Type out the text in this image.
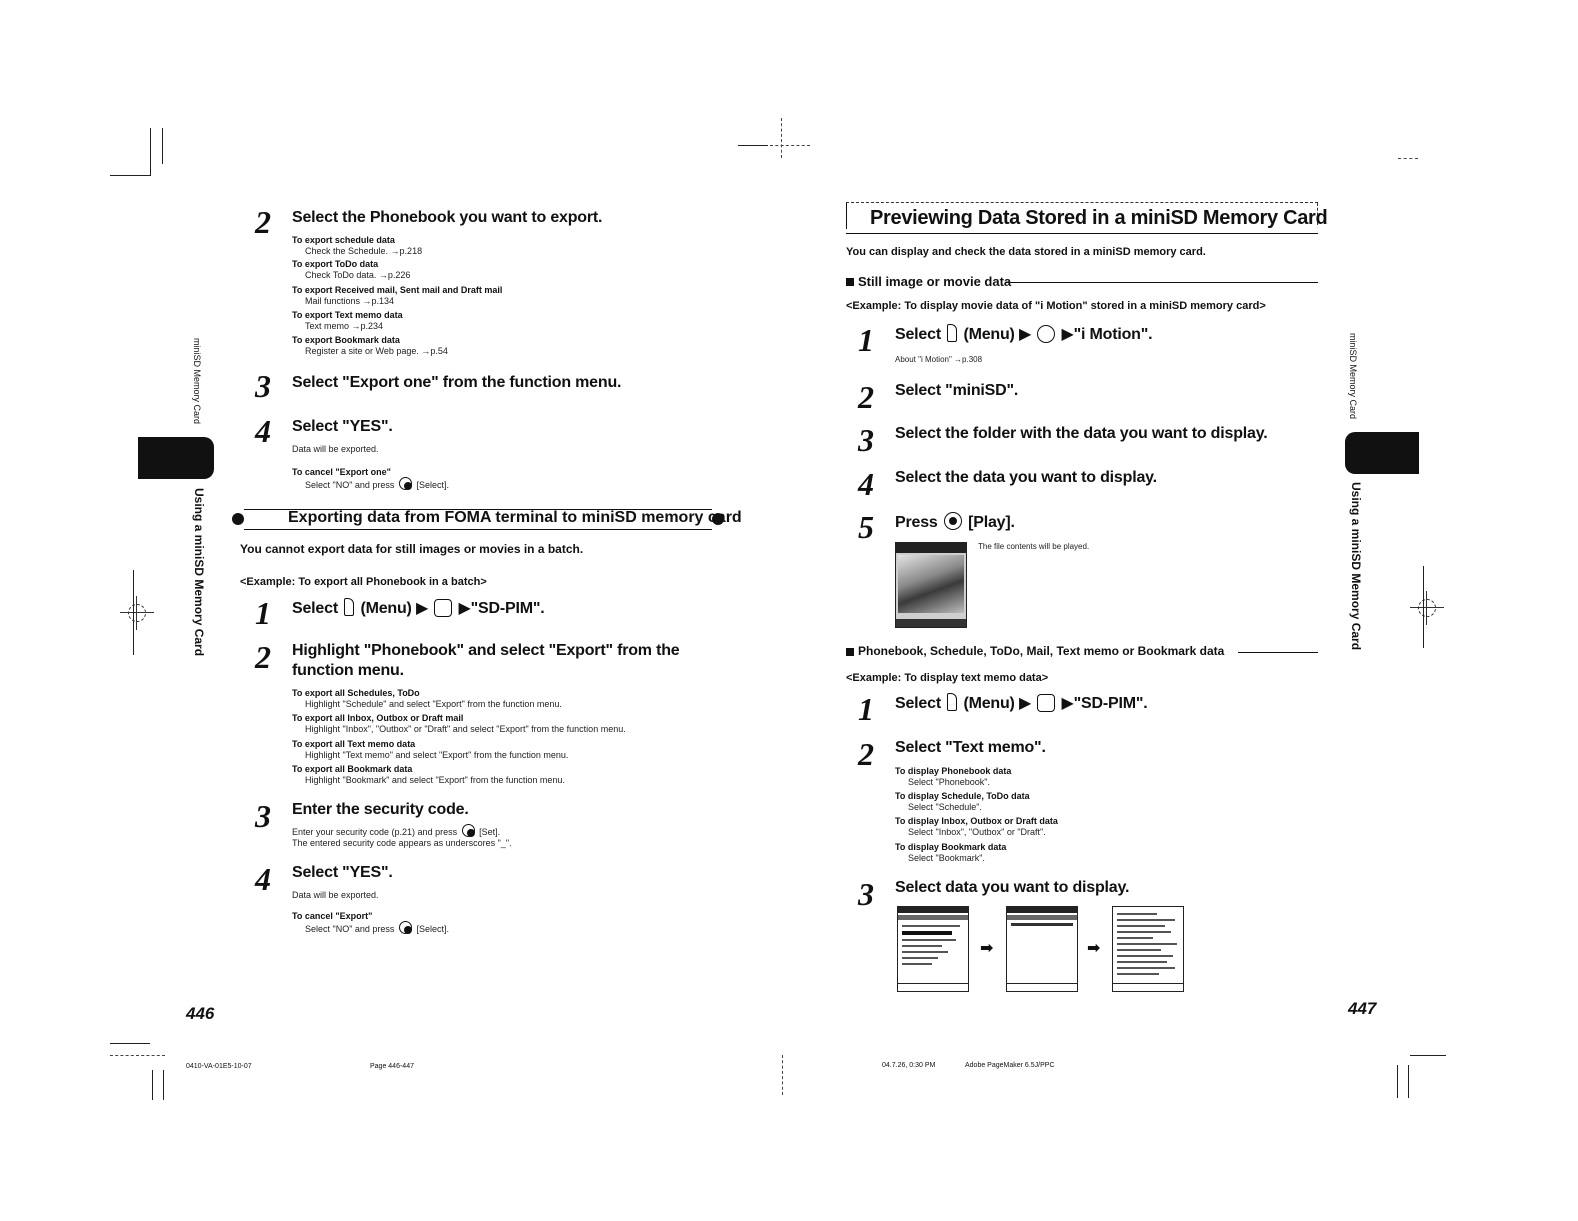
miniSD Memory Card
Using a miniSD Memory Card
2 Select the Phonebook you want to export.
To export schedule data
Check the Schedule. →p.218
To export ToDo data
Check ToDo data. →p.226
To export Received mail, Sent mail and Draft mail
Mail functions →p.134
To export Text memo data
Text memo →p.234
To export Bookmark data
Register a site or Web page. →p.54
3 Select "Export one" from the function menu.
4 Select "YES".
Data will be exported.
To cancel "Export one"
Select "NO" and press [Select].
Exporting data from FOMA terminal to miniSD memory card
You cannot export data for still images or movies in a batch.
<Example: To export all Phonebook in a batch>
1 Select (Menu) ▶ ▶"SD-PIM".
2 Highlight "Phonebook" and select "Export" from the function menu.
To export all Schedules, ToDo
Highlight "Schedule" and select "Export" from the function menu.
To export all Inbox, Outbox or Draft mail
Highlight "Inbox", "Outbox" or "Draft" and select "Export" from the function menu.
To export all Text memo data
Highlight "Text memo" and select "Export" from the function menu.
To export all Bookmark data
Highlight "Bookmark" and select "Export" from the function menu.
3 Enter the security code.
Enter your security code (p.21) and press [Set].
The entered security code appears as underscores "_".
4 Select "YES".
Data will be exported.
To cancel "Export"
Select "NO" and press [Select].
446
0410-VA-01E5-10-07	Page 446-447
Previewing Data Stored in a miniSD Memory Card
You can display and check the data stored in a miniSD memory card.
Still image or movie data
<Example: To display movie data of "i Motion" stored in a miniSD memory card>
1 Select (Menu) ▶ ▶"i Motion".
About "i Motion" →p.308
2 Select "miniSD".
3 Select the folder with the data you want to display.
4 Select the data you want to display.
5 Press [Play].
The file contents will be played.
Phonebook, Schedule, ToDo, Mail, Text memo or Bookmark data
<Example: To display text memo data>
1 Select (Menu) ▶ ▶"SD-PIM".
2 Select "Text memo".
To display Phonebook data
Select "Phonebook".
To display Schedule, ToDo data
Select "Schedule".
To display Inbox, Outbox or Draft data
Select "Inbox", "Outbox" or "Draft".
To display Bookmark data
Select "Bookmark".
3 Select data you want to display.
➡	➡
miniSD Memory Card
Using a miniSD Memory Card
447
04.7.26, 0:30 PM	Adobe PageMaker 6.5J/PPC
